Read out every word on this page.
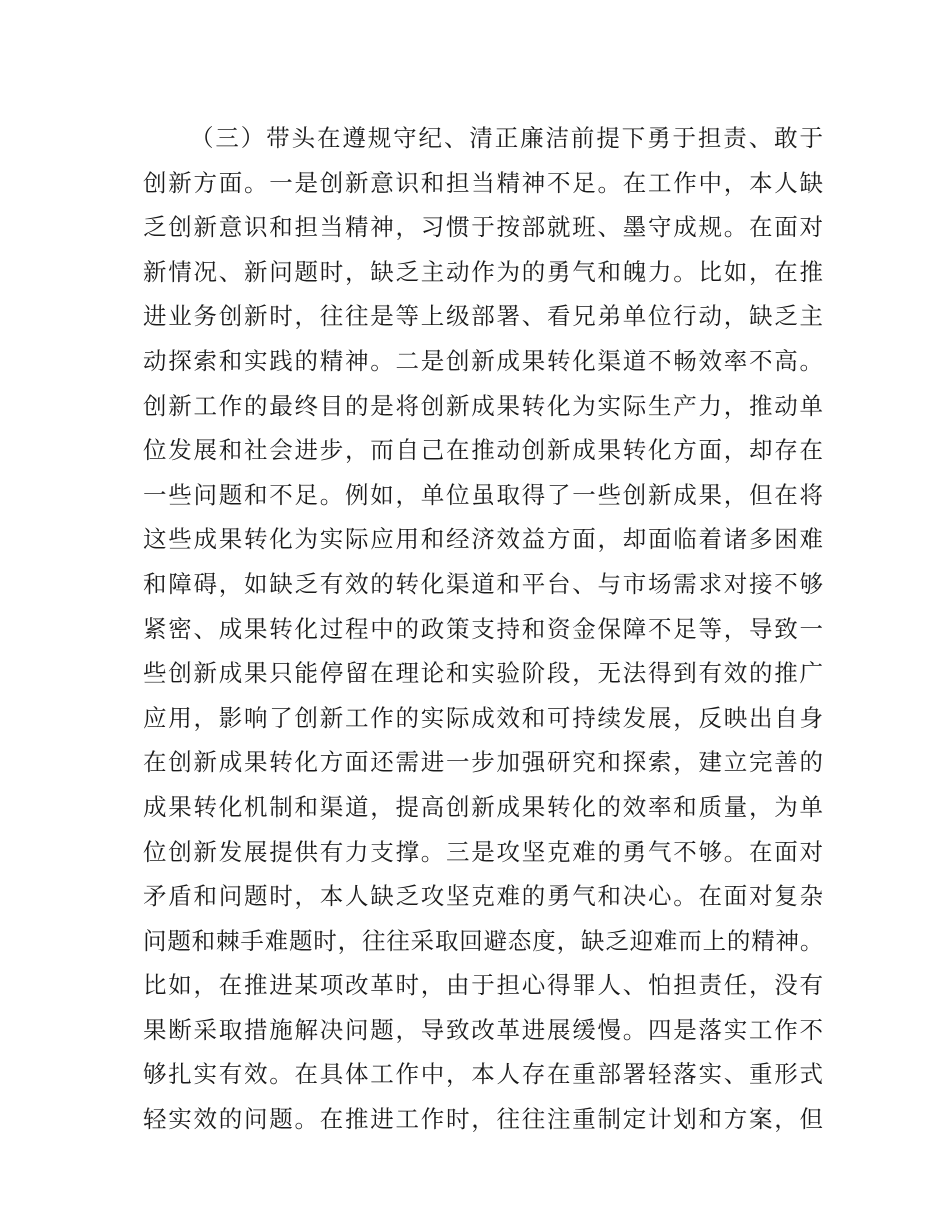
（三）带头在遵规守纪、清正廉洁前提下勇于担责、敢于
创新方面。一是创新意识和担当精神不足。在工作中，本人缺
乏创新意识和担当精神，习惯于按部就班、墨守成规。在面对
新情况、新问题时，缺乏主动作为的勇气和魄力。比如，在推
进业务创新时，往往是等上级部署、看兄弟单位行动，缺乏主
动探索和实践的精神。二是创新成果转化渠道不畅效率不高。
创新工作的最终目的是将创新成果转化为实际生产力，推动单
位发展和社会进步，而自己在推动创新成果转化方面，却存在
一些问题和不足。例如，单位虽取得了一些创新成果，但在将
这些成果转化为实际应用和经济效益方面，却面临着诸多困难
和障碍，如缺乏有效的转化渠道和平台、与市场需求对接不够
紧密、成果转化过程中的政策支持和资金保障不足等，导致一
些创新成果只能停留在理论和实验阶段，无法得到有效的推广
应用，影响了创新工作的实际成效和可持续发展，反映出自身
在创新成果转化方面还需进一步加强研究和探索，建立完善的
成果转化机制和渠道，提高创新成果转化的效率和质量，为单
位创新发展提供有力支撑。三是攻坚克难的勇气不够。在面对
矛盾和问题时，本人缺乏攻坚克难的勇气和决心。在面对复杂
问题和棘手难题时，往往采取回避态度，缺乏迎难而上的精神。
比如，在推进某项改革时，由于担心得罪人、怕担责任，没有
果断采取措施解决问题，导致改革进展缓慢。四是落实工作不
够扎实有效。在具体工作中，本人存在重部署轻落实、重形式
轻实效的问题。在推进工作时，往往注重制定计划和方案，但
